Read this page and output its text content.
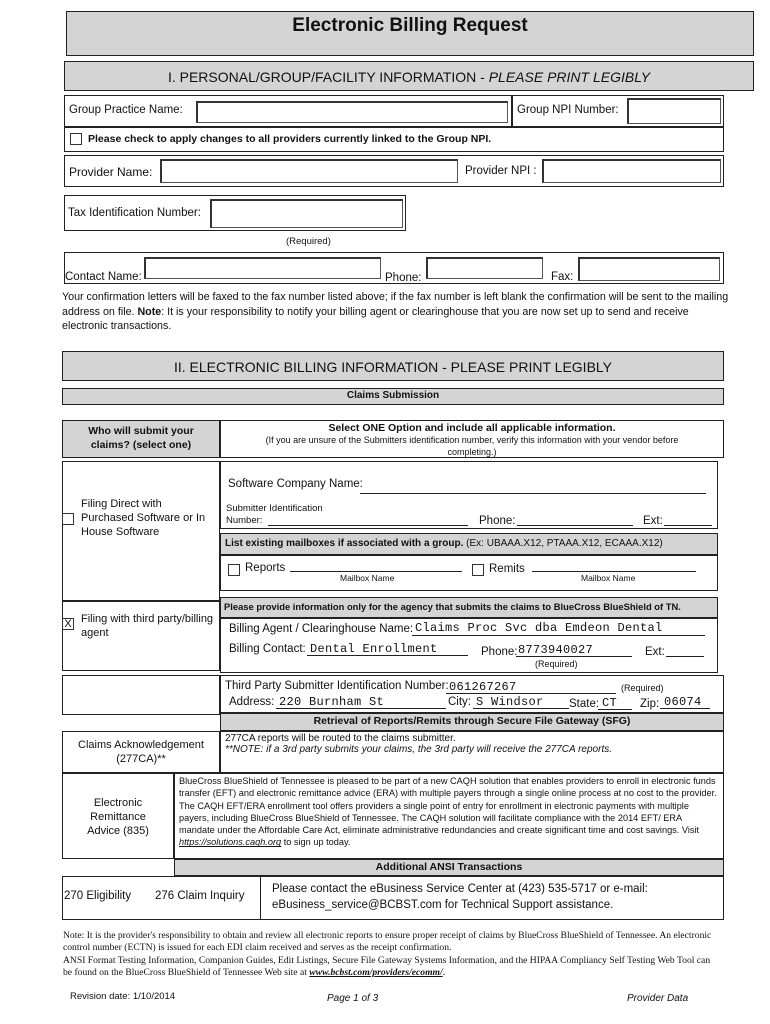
Electronic Billing Request
I. PERSONAL/GROUP/FACILITY INFORMATION - PLEASE PRINT LEGIBLY
Group Practice Name:	Group NPI Number:
Please check to apply changes to all providers currently linked to the Group NPI.
Provider Name:	Provider NPI :
Tax Identification Number:
(Required)
Contact Name:	Phone:	Fax:
Your confirmation letters will be faxed to the fax number listed above; if the fax number is left blank the confirmation will be sent to the mailing address on file. Note: It is your responsibility to notify your billing agent or clearinghouse that you are now set up to send and receive electronic transactions.
II. ELECTRONIC BILLING INFORMATION - PLEASE PRINT LEGIBLY
Claims Submission
Who will submit your claims? (select one)
Select ONE Option and include all applicable information.
(If you are unsure of the Submitters identification number, verify this information with your vendor before completing.)
Filing Direct with Purchased Software or In House Software
Software Company Name:
Submitter Identification Number:	Phone:	Ext:
List existing mailboxes if associated with a group. (Ex: UBAAA.X12, PTAAA.X12, ECAAA.X12)
Reports
Mailbox Name
Remits
Mailbox Name
Please provide information only for the agency that submits the claims to BlueCross BlueShield of TN.
X Filing with third party/billing agent	Billing Agent / Clearinghouse Name: Claims Proc Svc dba Emdeon Dental
Billing Contact: Dental Enrollment	Phone: 8773940027	Ext:
(Required)
Third Party Submitter Identification Number: 061267267	(Required)
Address: 220 Burnham St	City: S Windsor State: CT Zip: 06074
Retrieval of Reports/Remits through Secure File Gateway (SFG)
Claims Acknowledgement (277CA)**
277CA reports will be routed to the claims submitter.
**NOTE: if a 3rd party submits your claims, the 3rd party will receive the 277CA reports.
Electronic Remittance Advice (835)
BlueCross BlueShield of Tennessee is pleased to be part of a new CAQH solution that enables providers to enroll in electronic funds transfer (EFT) and electronic remittance advice (ERA) with multiple payers through a single online process at no cost to the provider. The CAQH EFT/ERA enrollment tool offers providers a single point of entry for enrollment in electronic payments with multiple payers, including BlueCross BlueShield of Tennessee. The CAQH solution will facilitate compliance with the 2014 EFT/ ERA mandate under the Affordable Care Act, eliminate administrative redundancies and create significant time and cost savings. Visit https://solutions.caqh.org to sign up today.
Additional ANSI Transactions
270 Eligibility 276 Claim Inquiry
Please contact the eBusiness Service Center at (423) 535-5717 or e-mail:
eBusiness_service@BCBST.com for Technical Support assistance.
Note: It is the provider's responsibility to obtain and review all electronic reports to ensure proper receipt of claims by BlueCross BlueShield of Tennessee. An electronic control number (ECTN) is issued for each EDI claim received and serves as the receipt confirmation.
ANSI Format Testing Information, Companion Guides, Edit Listings, Secure File Gateway Systems Information, and the HIPAA Compliancy Self Testing Web Tool can be found on the BlueCross BlueShield of Tennessee Web site at www.bcbst.com/providers/ecomm/.
Revision date: 1/10/2014	Page 1 of 3	Provider Data
